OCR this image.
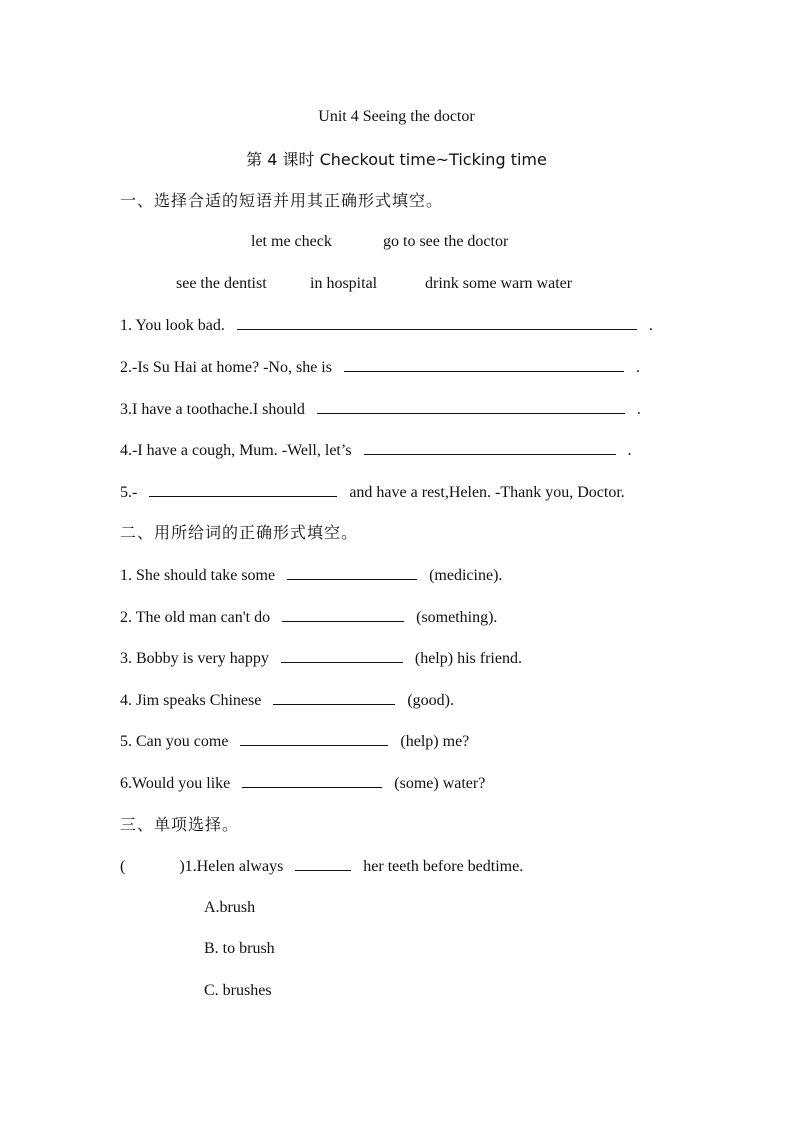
Unit 4 Seeing the doctor
第 4 课时 Checkout time~Ticking time
一、选择合适的短语并用其正确形式填空。
let me check	go to see the doctor
see the dentist	in hospital	drink some warn water
1. You look bad.	.
2.-Is Su Hai at home? -No, she is	.
3.I have a toothache.I should	.
4.-I have a cough, Mum. -Well, let’s	.
5.-	and have a rest,Helen. -Thank you, Doctor.
二、用所给词的正确形式填空。
1. She should take some	(medicine).
2. The old man can't do	(something).
3. Bobby is very happy	(help) his friend.
4. Jim speaks Chinese	(good).
5. Can you come	(help) me?
6.Would you like	(some) water?
三、单项选择。
(	)1.Helen always	her teeth before bedtime.
A.brush
B. to brush
C. brushes
